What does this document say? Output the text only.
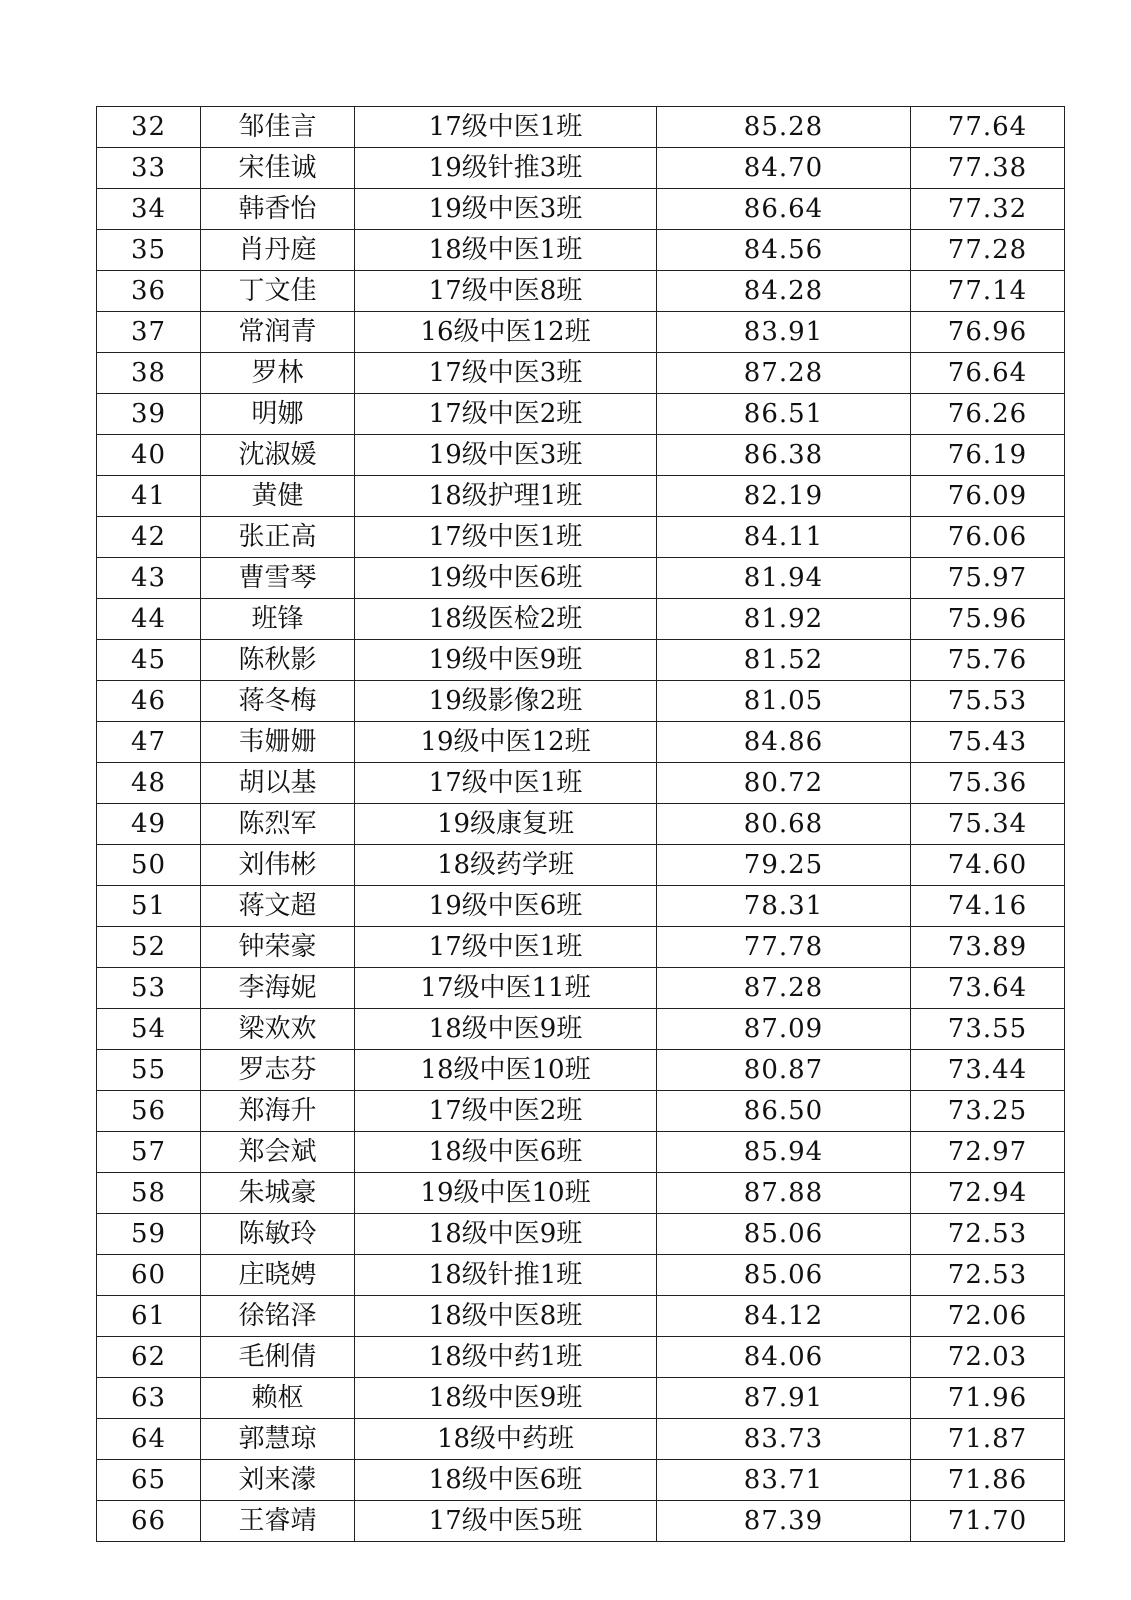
32	邹佳言	17级中医1班	85.28	77.64
33	宋佳诚	19级针推3班	84.70	77.38
34	韩香怡	19级中医3班	86.64	77.32
35	肖丹庭	18级中医1班	84.56	77.28
36	丁文佳	17级中医8班	84.28	77.14
37	常润青	16级中医12班	83.91	76.96
38	罗林	17级中医3班	87.28	76.64
39	明娜	17级中医2班	86.51	76.26
40	沈淑媛	19级中医3班	86.38	76.19
41	黄健	18级护理1班	82.19	76.09
42	张正高	17级中医1班	84.11	76.06
43	曹雪琴	19级中医6班	81.94	75.97
44	班锋	18级医检2班	81.92	75.96
45	陈秋影	19级中医9班	81.52	75.76
46	蒋冬梅	19级影像2班	81.05	75.53
47	韦姗姗	19级中医12班	84.86	75.43
48	胡以基	17级中医1班	80.72	75.36
49	陈烈军	19级康复班	80.68	75.34
50	刘伟彬	18级药学班	79.25	74.60
51	蒋文超	19级中医6班	78.31	74.16
52	钟荣豪	17级中医1班	77.78	73.89
53	李海妮	17级中医11班	87.28	73.64
54	梁欢欢	18级中医9班	87.09	73.55
55	罗志芬	18级中医10班	80.87	73.44
56	郑海升	17级中医2班	86.50	73.25
57	郑会斌	18级中医6班	85.94	72.97
58	朱城豪	19级中医10班	87.88	72.94
59	陈敏玲	18级中医9班	85.06	72.53
60	庄晓娉	18级针推1班	85.06	72.53
61	徐铭泽	18级中医8班	84.12	72.06
62	毛俐倩	18级中药1班	84.06	72.03
63	赖枢	18级中医9班	87.91	71.96
64	郭慧琼	18级中药班	83.73	71.87
65	刘来濛	18级中医6班	83.71	71.86
66	王睿靖	17级中医5班	87.39	71.70
